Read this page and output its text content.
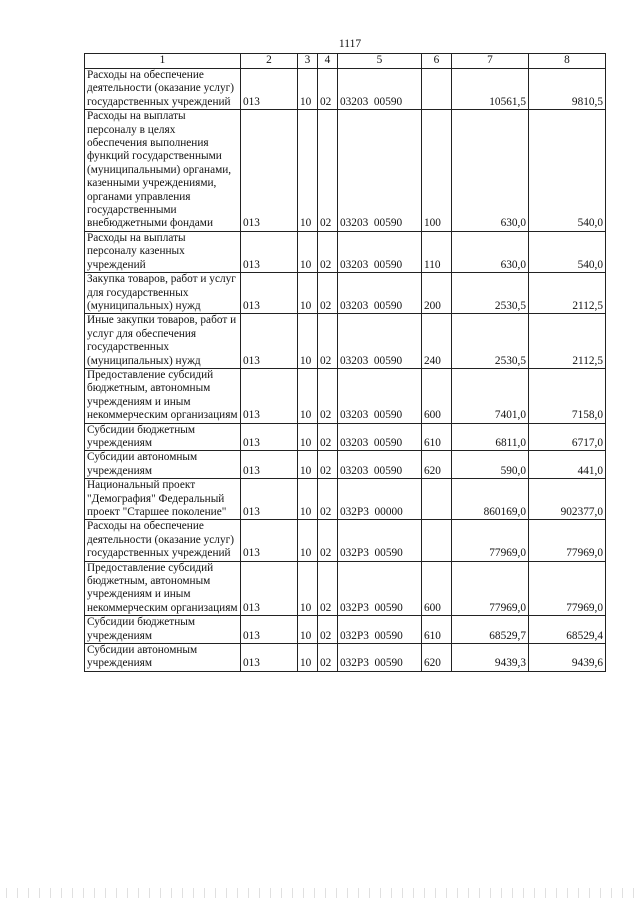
1117
1	2	3	4	5	6	7	8
Расходы на обеспечение деятельности (оказание услуг) государственных учреждений	013	10	02	03203  00590		10561,5	9810,5
Расходы на выплаты персоналу в целях обеспечения выполнения функций государственными (муниципальными) органами, казенными учреждениями, органами управления государственными внебюджетными фондами	013	10	02	03203  00590	100	630,0	540,0
Расходы на выплаты персоналу казенных учреждений	013	10	02	03203  00590	110	630,0	540,0
Закупка товаров, работ и услуг для государственных (муниципальных) нужд	013	10	02	03203  00590	200	2530,5	2112,5
Иные закупки товаров, работ и услуг для обеспечения государственных (муниципальных) нужд	013	10	02	03203  00590	240	2530,5	2112,5
Предоставление субсидий бюджетным, автономным учреждениям и иным некоммерческим организациям	013	10	02	03203  00590	600	7401,0	7158,0
Субсидии бюджетным учреждениям	013	10	02	03203  00590	610	6811,0	6717,0
Субсидии автономным учреждениям	013	10	02	03203  00590	620	590,0	441,0
Национальный проект "Демография" Федеральный проект "Старшее поколение"	013	10	02	032P3  00000		860169,0	902377,0
Расходы на обеспечение деятельности (оказание услуг) государственных учреждений	013	10	02	032P3  00590		77969,0	77969,0
Предоставление субсидий бюджетным, автономным учреждениям и иным некоммерческим организациям	013	10	02	032P3  00590	600	77969,0	77969,0
Субсидии бюджетным учреждениям	013	10	02	032P3  00590	610	68529,7	68529,4
Субсидии автономным учреждениям	013	10	02	032P3  00590	620	9439,3	9439,6
